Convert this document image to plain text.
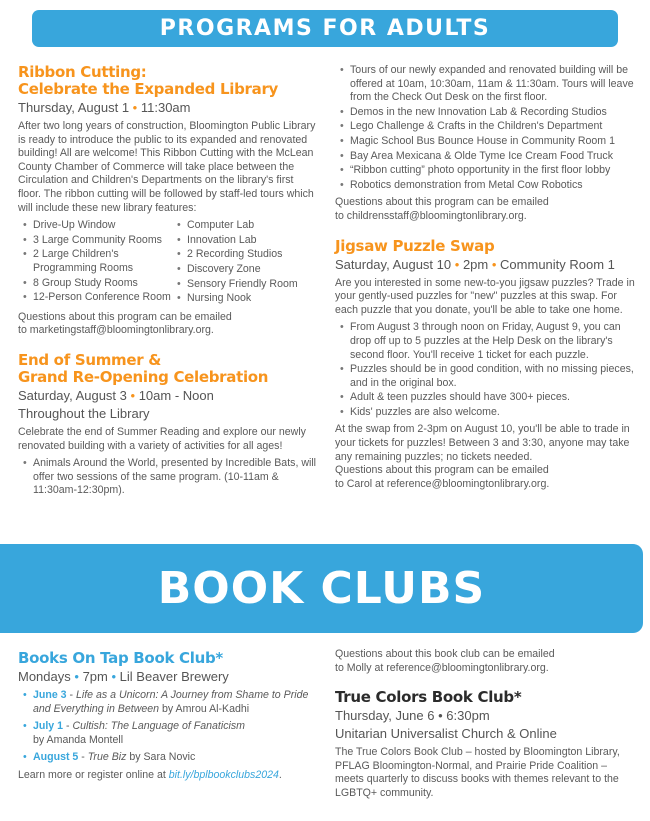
PROGRAMS FOR ADULTS
Ribbon Cutting:
Celebrate the Expanded Library
Thursday, August 1 • 11:30am

After two long years of construction, Bloomington Public Library is ready to introduce the public to its expanded and renovated building! All are welcome! This Ribbon Cutting with the McLean County Chamber of Commerce will take place between the Circulation and Children's Departments on the library's first floor. The ribbon cutting will be followed by staff-led tours which will include these new library features:

• Drive-Up Window
• 3 Large Community Rooms
• 2 Large Children's Programming Rooms
• 8 Group Study Rooms
• 12-Person Conference Room
• Computer Lab
• Innovation Lab
• 2 Recording Studios
• Discovery Zone
• Sensory Friendly Room
• Nursing Nook

Questions about this program can be emailed
to marketingstaff@bloomingtonlibrary.org.

End of Summer &
Grand Re-Opening Celebration
Saturday, August 3 • 10am - Noon
Throughout the Library

Celebrate the end of Summer Reading and explore our newly renovated building with a variety of activities for all ages!

• Animals Around the World, presented by Incredible Bats, will offer two sessions of the same program. (10-11am & 11:30am-12:30pm).
• Tours of our newly expanded and renovated building will be offered at 10am, 10:30am, 11am & 11:30am. Tours will leave from the Check Out Desk on the first floor.
• Demos in the new Innovation Lab & Recording Studios
• Lego Challenge & Crafts in the Children's Department
• Magic School Bus Bounce House in Community Room 1
• Bay Area Mexicana & Olde Tyme Ice Cream Food Truck
• “Ribbon cutting” photo opportunity in the first floor lobby
• Robotics demonstration from Metal Cow Robotics

Questions about this program can be emailed
to childrensstaff@bloomingtonlibrary.org.

Jigsaw Puzzle Swap
Saturday, August 10 • 2pm • Community Room 1

Are you interested in some new-to-you jigsaw puzzles? Trade in your gently-used puzzles for "new" puzzles at this swap. For each puzzle that you donate, you'll be able to take one home.

• From August 3 through noon on Friday, August 9, you can drop off up to 5 puzzles at the Help Desk on the library's second floor. You'll receive 1 ticket for each puzzle.
• Puzzles should be in good condition, with no missing pieces, and in the original box.
• Adult & teen puzzles should have 300+ pieces.
• Kids' puzzles are also welcome.

At the swap from 2-3pm on August 10, you'll be able to trade in your tickets for puzzles! Between 3 and 3:30, anyone may take any remaining puzzles; no tickets needed.

Questions about this program can be emailed
to Carol at reference@bloomingtonlibrary.org.

BOOK CLUBS
Books On Tap Book Club*
Mondays • 7pm • Lil Beaver Brewery
• June 3 - Life as a Unicorn: A Journey from Shame to Pride and Everything in Between by Amrou Al-Kadhi
• July 1 - Cultish: The Language of Fanaticism
by Amanda Montell
• August 5 - True Biz by Sara Novic

Learn more or register online at bit.ly/bplbookclubs2024.

Questions about this book club can be emailed
to Molly at reference@bloomingtonlibrary.org.

True Colors Book Club*
Thursday, June 6 • 6:30pm
Unitarian Universalist Church & Online

The True Colors Book Club – hosted by Bloomington Library, PFLAG Bloomington-Normal, and Prairie Pride Coalition – meets quarterly to discuss books with themes relevant to the LGBTQ+ community.
